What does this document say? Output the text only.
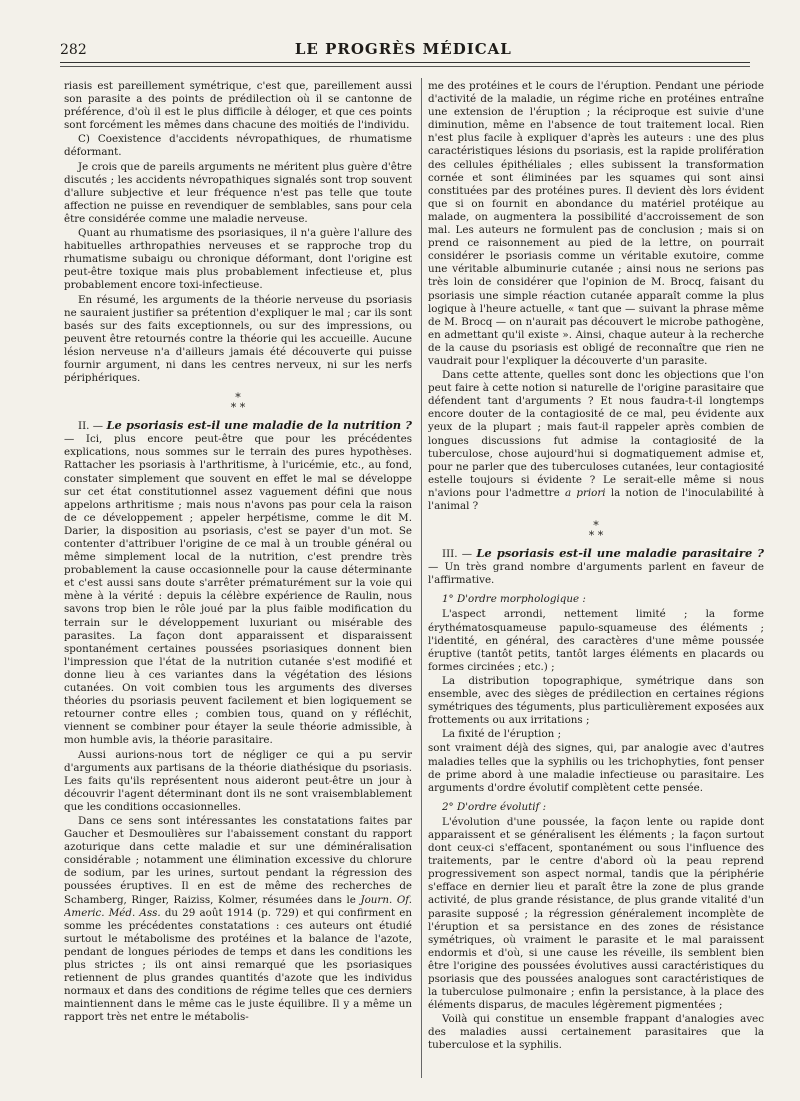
282	LE PROGRÈS MÉDICAL

riasis est pareillement symétrique, c'est que, pareillement aussi son parasite a des points de prédilection où il se cantonne de préférence, d'où il est le plus difficile à déloger, et que ces points sont forcément les mêmes dans chacune des moitiés de l'individu.

C) Coexistence d'accidents névropathiques, de rhumatisme déformant.

Je crois que de pareils arguments ne méritent plus guère d'être discutés ; les accidents névropathiques signalés sont trop souvent d'allure subjective et leur fréquence n'est pas telle que toute affection ne puisse en revendiquer de semblables, sans pour cela être considérée comme une maladie nerveuse.

Quant au rhumatisme des psoriasiques, il n'a guère l'allure des habituelles arthropathies nerveuses et se rapproche trop du rhumatisme subaigu ou chronique déformant, dont l'origine est peut-être toxique mais plus probablement infectieuse et, plus probablement encore toxi-infectieuse.

En résumé, les arguments de la théorie nerveuse du psoriasis ne sauraient justifier sa prétention d'expliquer le mal ; car ils sont basés sur des faits exceptionnels, ou sur des impressions, ou peuvent être retournés contre la théorie qui les accueille. Aucune lésion nerveuse n'a d'ailleurs jamais été découverte qui puisse fournir argument, ni dans les centres nerveux, ni sur les nerfs périphériques.

*
* *

II. — Le psoriasis est-il une maladie de la nutrition ? — Ici, plus encore peut-être que pour les précédentes explications, nous sommes sur le terrain des pures hypothèses. Rattacher les psoriasis à l'arthritisme, à l'uricémie, etc., au fond, constater simplement que souvent en effet le mal se développe sur cet état constitutionnel assez vaguement défini que nous appelons arthritisme ; mais nous n'avons pas pour cela la raison de ce développement ; appeler herpétisme, comme le dit M. Darier, la disposition au psoriasis, c'est se payer d'un mot. Se contenter d'attribuer l'origine de ce mal à un trouble général ou même simplement local de la nutrition, c'est prendre très probablement la cause occasionnelle pour la cause déterminante et c'est aussi sans doute s'arrêter prématurément sur la voie qui mène à la vérité : depuis la célèbre expérience de Raulin, nous savons trop bien le rôle joué par la plus faible modification du terrain sur le développement luxuriant ou misérable des parasites. La façon dont apparaissent et disparaissent spontanément certaines poussées psoriasiques donnent bien l'impression que l'état de la nutrition cutanée s'est modifié et donne lieu à ces variantes dans la végétation des lésions cutanées. On voit combien tous les arguments des diverses théories du psoriasis peuvent facilement et bien logiquement se retourner contre elles ; combien tous, quand on y réfléchit, viennent se combiner pour étayer la seule théorie admissible, à mon humble avis, la théorie parasitaire.

Aussi aurions-nous tort de négliger ce qui a pu servir d'arguments aux partisans de la théorie diathésique du psoriasis. Les faits qu'ils représentent nous aideront peut-être un jour à découvrir l'agent déterminant dont ils ne sont vraisemblablement que les conditions occasionnelles.

Dans ce sens sont intéressantes les constatations faites par Gaucher et Desmoulières sur l'abaissement constant du rapport azoturique dans cette maladie et sur une déminéralisation considérable ; notamment une élimination excessive du chlorure de sodium, par les urines, surtout pendant la régression des poussées éruptives. Il en est de même des recherches de Schamberg, Ringer, Raiziss, Kolmer, résumées dans le Journ. Of. Americ. Méd. Ass. du 29 août 1914 (p. 729) et qui confirment en somme les précédentes constatations : ces auteurs ont étudié surtout le métabolisme des protéines et la balance de l'azote, pendant de longues périodes de temps et dans les conditions les plus strictes ; ils ont ainsi remarqué que les psoriasiques retiennent de plus grandes quantités d'azote que les individus normaux et dans des conditions de régime telles que ces derniers maintiennent dans le même cas le juste équilibre. Il y a même un rapport très net entre le métabolis-

me des protéines et le cours de l'éruption. Pendant une période d'activité de la maladie, un régime riche en protéines entraîne une extension de l'éruption ; la réciproque est suivie d'une diminution, même en l'absence de tout traitement local. Rien n'est plus facile à expliquer d'après les auteurs : une des plus caractéristiques lésions du psoriasis, est la rapide prolifération des cellules épithéliales ; elles subissent la transformation cornée et sont éliminées par les squames qui sont ainsi constituées par des protéines pures. Il devient dès lors évident que si on fournit en abondance du matériel protéique au malade, on augmentera la possibilité d'accroissement de son mal. Les auteurs ne formulent pas de conclusion ; mais si on prend ce raisonnement au pied de la lettre, on pourrait considérer le psoriasis comme un véritable exutoire, comme une véritable albuminurie cutanée ; ainsi nous ne serions pas très loin de considérer que l'opinion de M. Brocq, faisant du psoriasis une simple réaction cutanée apparaît comme la plus logique à l'heure actuelle, « tant que — suivant la phrase même de M. Brocq — on n'aurait pas découvert le microbe pathogène, en admettant qu'il existe ». Ainsi, chaque auteur à la recherche de la cause du psoriasis est obligé de reconnaître que rien ne vaudrait pour l'expliquer la découverte d'un parasite.

Dans cette attente, quelles sont donc les objections que l'on peut faire à cette notion si naturelle de l'origine parasitaire que défendent tant d'arguments ? Et nous faudra-t-il longtemps encore douter de la contagiosité de ce mal, peu évidente aux yeux de la plupart ; mais faut-il rappeler après combien de longues discussions fut admise la contagiosité de la tuberculose, chose aujourd'hui si dogmatiquement admise et, pour ne parler que des tuberculoses cutanées, leur contagiosité estelle toujours si évidente ? Le serait-elle même si nous n'avions pour l'admettre a priori la notion de l'inoculabilité à l'animal ?

*
* *

III. — Le psoriasis est-il une maladie parasitaire ? — Un très grand nombre d'arguments parlent en faveur de l'affirmative.

1° D'ordre morphologique :

L'aspect arrondi, nettement limité ; la forme érythématosquameuse papulo-squameuse des éléments ; l'identité, en général, des caractères d'une même poussée éruptive (tantôt petits, tantôt larges éléments en placards ou formes circinées ; etc.) ;

La distribution topographique, symétrique dans son ensemble, avec des sièges de prédilection en certaines régions symétriques des téguments, plus particulièrement exposées aux frottements ou aux irritations ;

La fixité de l'éruption ;

sont vraiment déjà des signes, qui, par analogie avec d'autres maladies telles que la syphilis ou les trichophyties, font penser de prime abord à une maladie infectieuse ou parasitaire. Les arguments d'ordre évolutif complètent cette pensée.

2° D'ordre évolutif :

L'évolution d'une poussée, la façon lente ou rapide dont apparaissent et se généralisent les éléments ; la façon surtout dont ceux-ci s'effacent, spontanément ou sous l'influence des traitements, par le centre d'abord où la peau reprend progressivement son aspect normal, tandis que la périphérie s'efface en dernier lieu et paraît être la zone de plus grande activité, de plus grande résistance, de plus grande vitalité d'un parasite supposé ; la régression généralement incomplète de l'éruption et sa persistance en des zones de résistance symétriques, où vraiment le parasite et le mal paraissent endormis et d'où, si une cause les réveille, ils semblent bien être l'origine des poussées évolutives aussi caractéristiques du psoriasis que des poussées analogues sont caractéristiques de la tuberculose pulmonaire ; enfin la persistance, à la place des éléments disparus, de macules légèrement pigmentées ;

Voilà qui constitue un ensemble frappant d'analogies avec des maladies aussi certainement parasitaires que la tuberculose et la syphilis.
